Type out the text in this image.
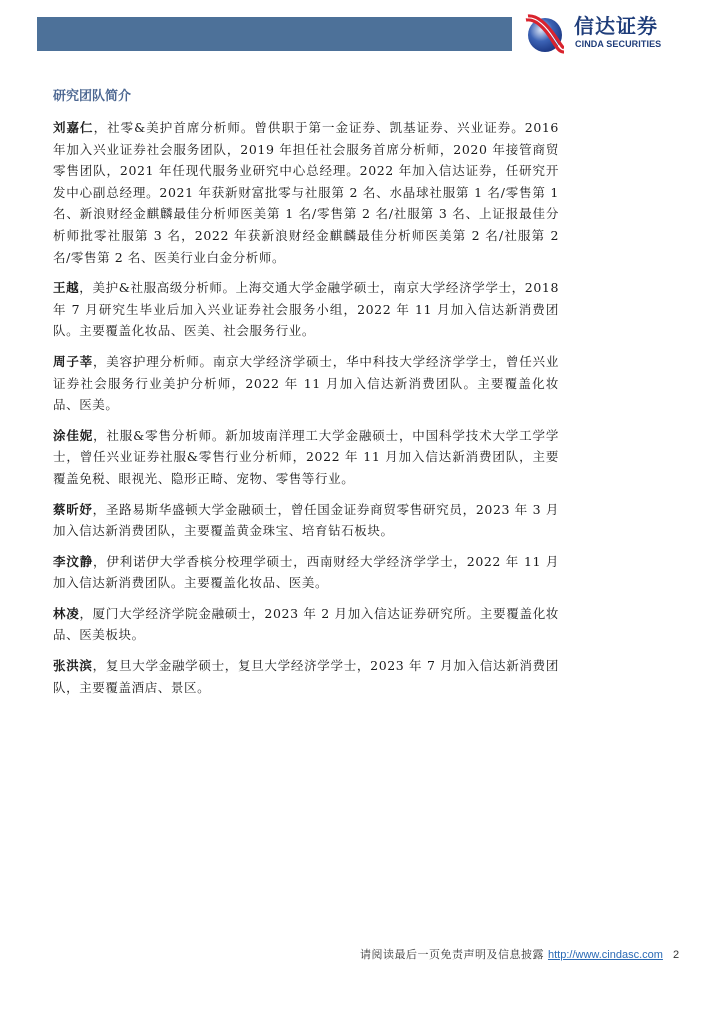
信达证券
CINDA SECURITIES
研究团队简介

刘嘉仁，社零&美护首席分析师。曾供职于第一金证券、凯基证券、兴业证券。2016 年加入兴业证券社会服务团队，2019 年担任社会服务首席分析师，2020 年接管商贸零售团队，2021 年任现代服务业研究中心总经理。2022 年加入信达证券，任研究开发中心副总经理。2021 年获新财富批零与社服第 2 名、水晶球社服第 1 名/零售第 1 名、新浪财经金麒麟最佳分析师医美第 1 名/零售第 2 名/社服第 3 名、上证报最佳分析师批零社服第 3 名，2022 年获新浪财经金麒麟最佳分析师医美第 2 名/社服第 2 名/零售第 2 名、医美行业白金分析师。

王越，美护&社服高级分析师。上海交通大学金融学硕士，南京大学经济学学士，2018 年 7 月研究生毕业后加入兴业证券社会服务小组，2022 年 11 月加入信达新消费团队。主要覆盖化妆品、医美、社会服务行业。

周子莘，美容护理分析师。南京大学经济学硕士，华中科技大学经济学学士，曾任兴业证券社会服务行业美护分析师，2022 年 11 月加入信达新消费团队。主要覆盖化妆品、医美。

涂佳妮，社服&零售分析师。新加坡南洋理工大学金融硕士，中国科学技术大学工学学士，曾任兴业证券社服&零售行业分析师，2022 年 11 月加入信达新消费团队，主要覆盖免税、眼视光、隐形正畸、宠物、零售等行业。

蔡昕妤，圣路易斯华盛顿大学金融硕士，曾任国金证券商贸零售研究员，2023 年 3 月加入信达新消费团队，主要覆盖黄金珠宝、培育钻石板块。

李汶静，伊利诺伊大学香槟分校理学硕士，西南财经大学经济学学士，2022 年 11 月加入信达新消费团队。主要覆盖化妆品、医美。

林凌，厦门大学经济学院金融硕士，2023 年 2 月加入信达证券研究所。主要覆盖化妆品、医美板块。

张洪滨，复旦大学金融学硕士，复旦大学经济学学士，2023 年 7 月加入信达新消费团队，主要覆盖酒店、景区。

请阅读最后一页免责声明及信息披露 http://www.cindasc.com 2
